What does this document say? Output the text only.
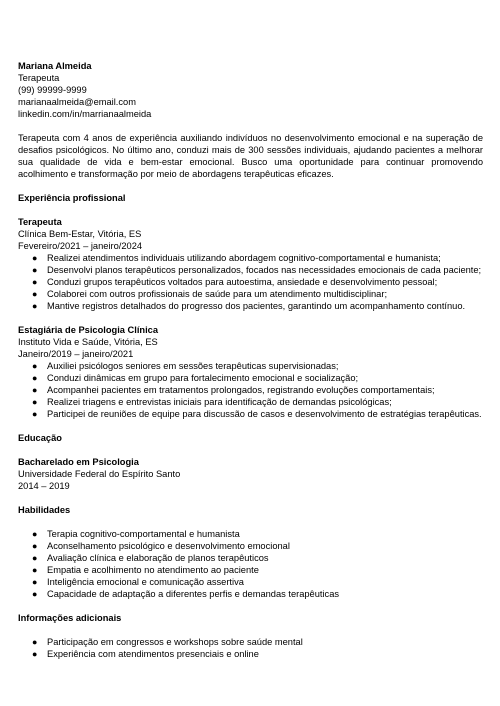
Mariana Almeida
Terapeuta
(99) 99999-9999
marianaalmeida@email.com
linkedin.com/in/marrianaalmeida

Terapeuta com 4 anos de experiência auxiliando indivíduos no desenvolvimento emocional e na superação de desafios psicológicos. No último ano, conduzi mais de 300 sessões individuais, ajudando pacientes a melhorar sua qualidade de vida e bem-estar emocional. Busco uma oportunidade para continuar promovendo acolhimento e transformação por meio de abordagens terapêuticas eficazes.

Experiência profissional
Terapeuta
Clínica Bem-Estar, Vitória, ES
Fevereiro/2021 – janeiro/2024
● Realizei atendimentos individuais utilizando abordagem cognitivo-comportamental e humanista;
● Desenvolvi planos terapêuticos personalizados, focados nas necessidades emocionais de cada paciente;
● Conduzi grupos terapêuticos voltados para autoestima, ansiedade e desenvolvimento pessoal;
● Colaborei com outros profissionais de saúde para um atendimento multidisciplinar;
● Mantive registros detalhados do progresso dos pacientes, garantindo um acompanhamento contínuo.
Estagiária de Psicologia Clínica
Instituto Vida e Saúde, Vitória, ES
Janeiro/2019 – janeiro/2021
● Auxiliei psicólogos seniores em sessões terapêuticas supervisionadas;
● Conduzi dinâmicas em grupo para fortalecimento emocional e socialização;
● Acompanhei pacientes em tratamentos prolongados, registrando evoluções comportamentais;
● Realizei triagens e entrevistas iniciais para identificação de demandas psicológicas;
● Participei de reuniões de equipe para discussão de casos e desenvolvimento de estratégias terapêuticas.
Educação
Bacharelado em Psicologia
Universidade Federal do Espírito Santo
2014 – 2019
Habilidades
● Terapia cognitivo-comportamental e humanista
● Aconselhamento psicológico e desenvolvimento emocional
● Avaliação clínica e elaboração de planos terapêuticos
● Empatia e acolhimento no atendimento ao paciente
● Inteligência emocional e comunicação assertiva
● Capacidade de adaptação a diferentes perfis e demandas terapêuticas
Informações adicionais
● Participação em congressos e workshops sobre saúde mental
● Experiência com atendimentos presenciais e online
